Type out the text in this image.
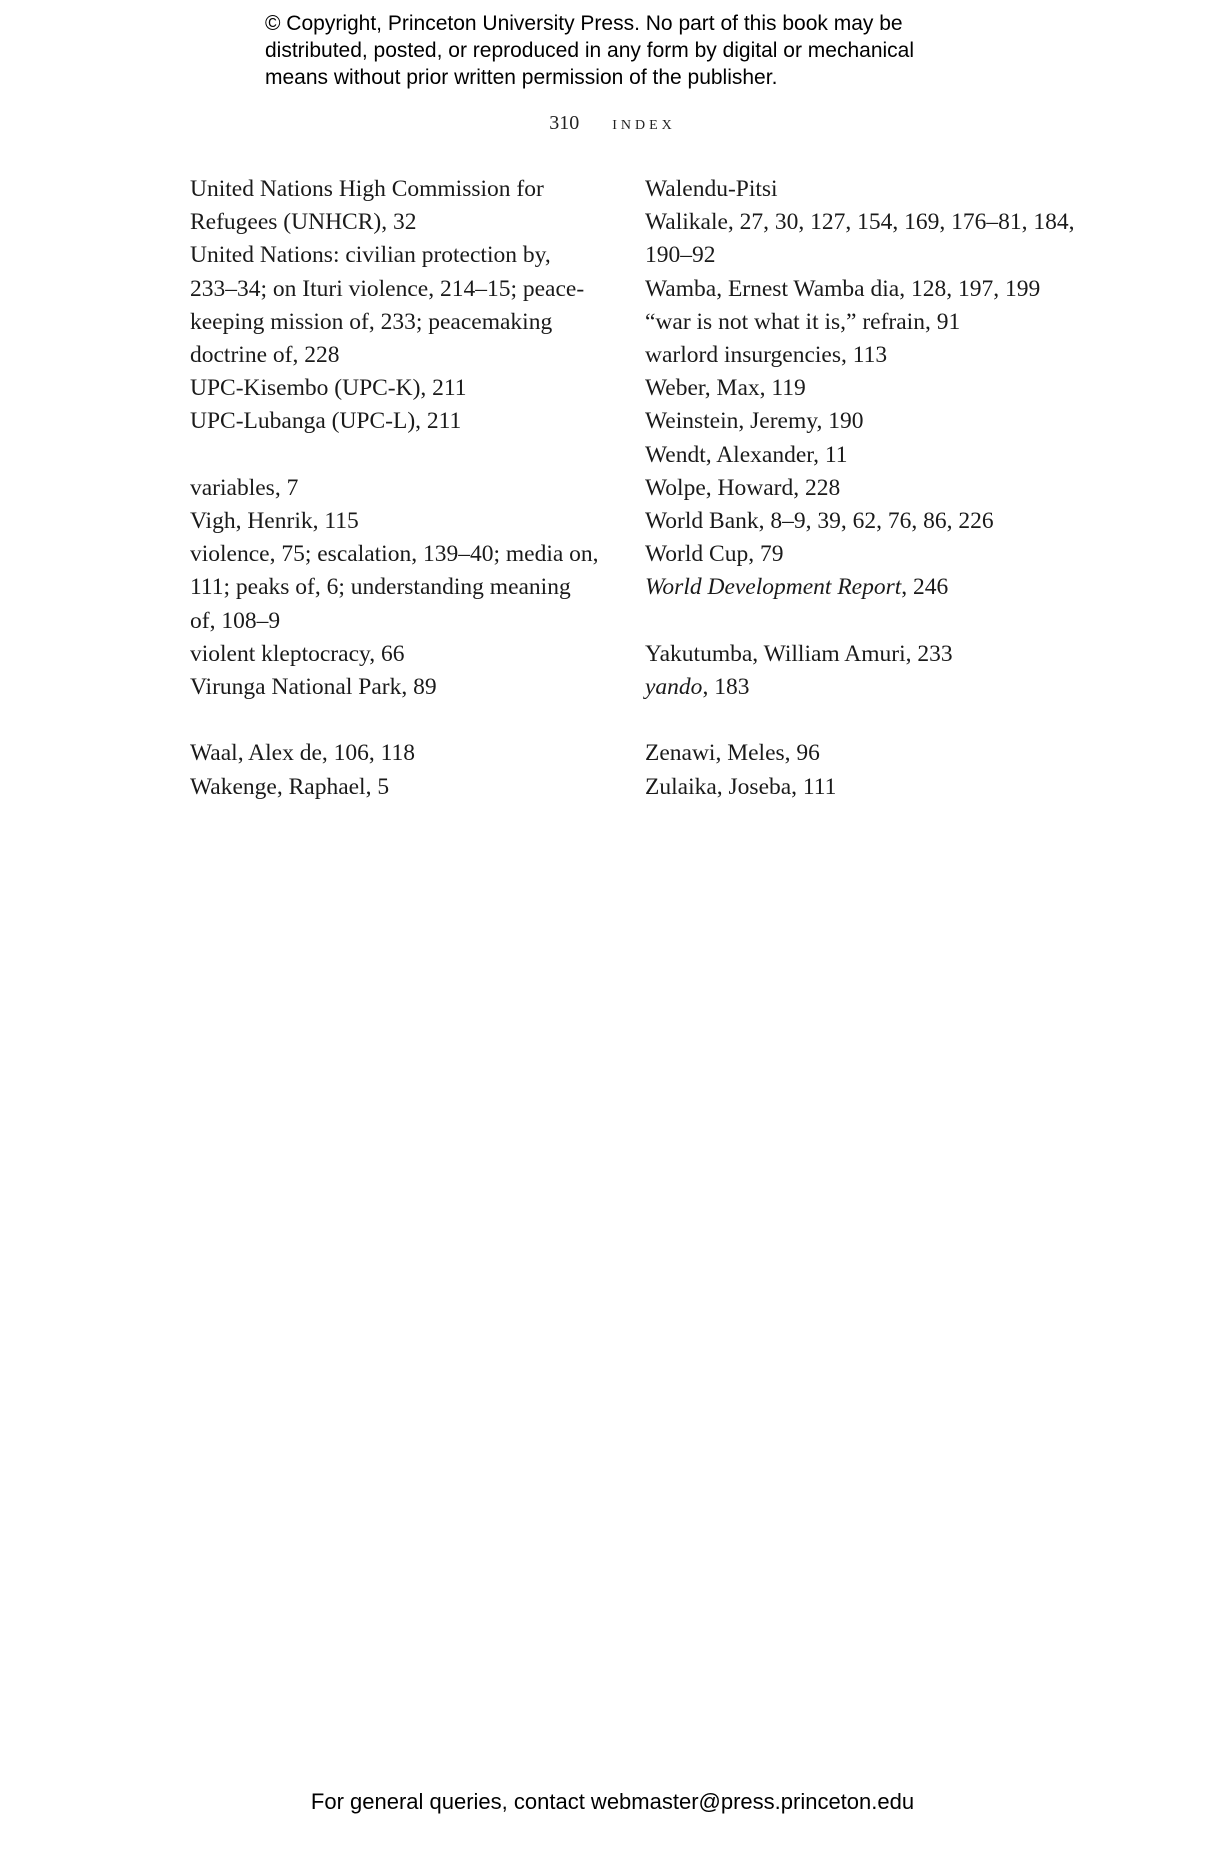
© Copyright, Princeton University Press. No part of this book may be
distributed, posted, or reproduced in any form by digital or mechanical
means without prior written permission of the publisher.
310 index

United Nations High Commission for
Refugees (UNHCR), 32

United Nations: civilian protection by,
233–34; on Ituri violence, 214–15; peace-
keeping mission of, 233; peacemaking
doctrine of, 228

UPC-Kisembo (UPC-K), 211

UPC-Lubanga (UPC-L), 211

variables, 7

Vigh, Henrik, 115

violence, 75; escalation, 139–40; media on,
111; peaks of, 6; understanding meaning
of, 108–9

violent kleptocracy, 66

Virunga National Park, 89

Waal, Alex de, 106, 118

Wakenge, Raphael, 5

Walendu-Pitsi

Walikale, 27, 30, 127, 154, 169, 176–81, 184,
190–92

Wamba, Ernest Wamba dia, 128, 197, 199

“war is not what it is,” refrain, 91

warlord insurgencies, 113

Weber, Max, 119

Weinstein, Jeremy, 190

Wendt, Alexander, 11

Wolpe, Howard, 228

World Bank, 8–9, 39, 62, 76, 86, 226

World Cup, 79

World Development Report, 246

Yakutumba, William Amuri, 233

yando, 183

Zenawi, Meles, 96

Zulaika, Joseba, 111

For general queries, contact webmaster@press.princeton.edu
